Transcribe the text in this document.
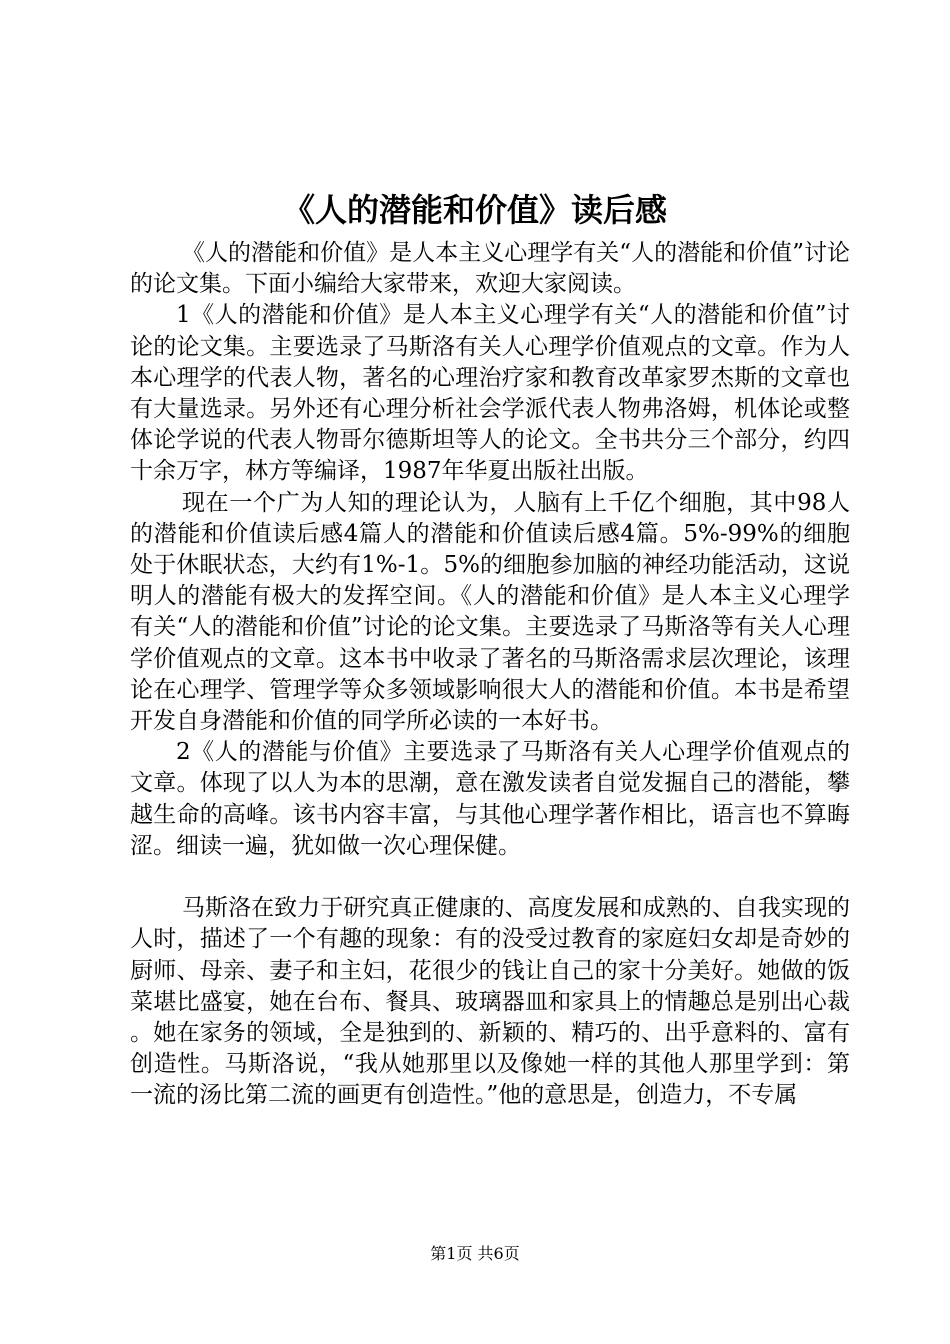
《人的潜能和价值》读后感

《人的潜能和价值》是人本主义心理学有关“人的潜能和价值”讨论的论文集。下面小编给大家带来，欢迎大家阅读。

1《人的潜能和价值》是人本主义心理学有关“人的潜能和价值”讨论的论文集。主要选录了马斯洛有关人心理学价值观点的文章。作为人本心理学的代表人物，著名的心理治疗家和教育改革家罗杰斯的文章也有大量选录。另外还有心理分析社会学派代表人物弗洛姆，机体论或整体论学说的代表人物哥尔德斯坦等人的论文。全书共分三个部分，约四十余万字，林方等编译，1987年华夏出版社出版。

现在一个广为人知的理论认为，人脑有上千亿个细胞，其中98人的潜能和价值读后感4篇人的潜能和价值读后感4篇。5%-99%的细胞处于休眠状态，大约有1%-1。5%的细胞参加脑的神经功能活动，这说明人的潜能有极大的发挥空间。《人的潜能和价值》是人本主义心理学有关“人的潜能和价值”讨论的论文集。主要选录了马斯洛等有关人心理学价值观点的文章。这本书中收录了著名的马斯洛需求层次理论，该理论在心理学、管理学等众多领域影响很大人的潜能和价值。本书是希望开发自身潜能和价值的同学所必读的一本好书。

2《人的潜能与价值》主要选录了马斯洛有关人心理学价值观点的文章。体现了以人为本的思潮，意在激发读者自觉发掘自己的潜能，攀越生命的高峰。该书内容丰富，与其他心理学著作相比，语言也不算晦涩。细读一遍，犹如做一次心理保健。

马斯洛在致力于研究真正健康的、高度发展和成熟的、自我实现的人时，描述了一个有趣的现象：有的没受过教育的家庭妇女却是奇妙的厨师、母亲、妻子和主妇，花很少的钱让自己的家十分美好。她做的饭菜堪比盛宴，她在台布、餐具、玻璃器皿和家具上的情趣总是别出心裁。她在家务的领域，全是独到的、新颖的、精巧的、出乎意料的、富有创造性。马斯洛说，“我从她那里以及像她一样的其他人那里学到：第一流的汤比第二流的画更有创造性。”他的意思是，创造力，不专属

第1页 共6页
